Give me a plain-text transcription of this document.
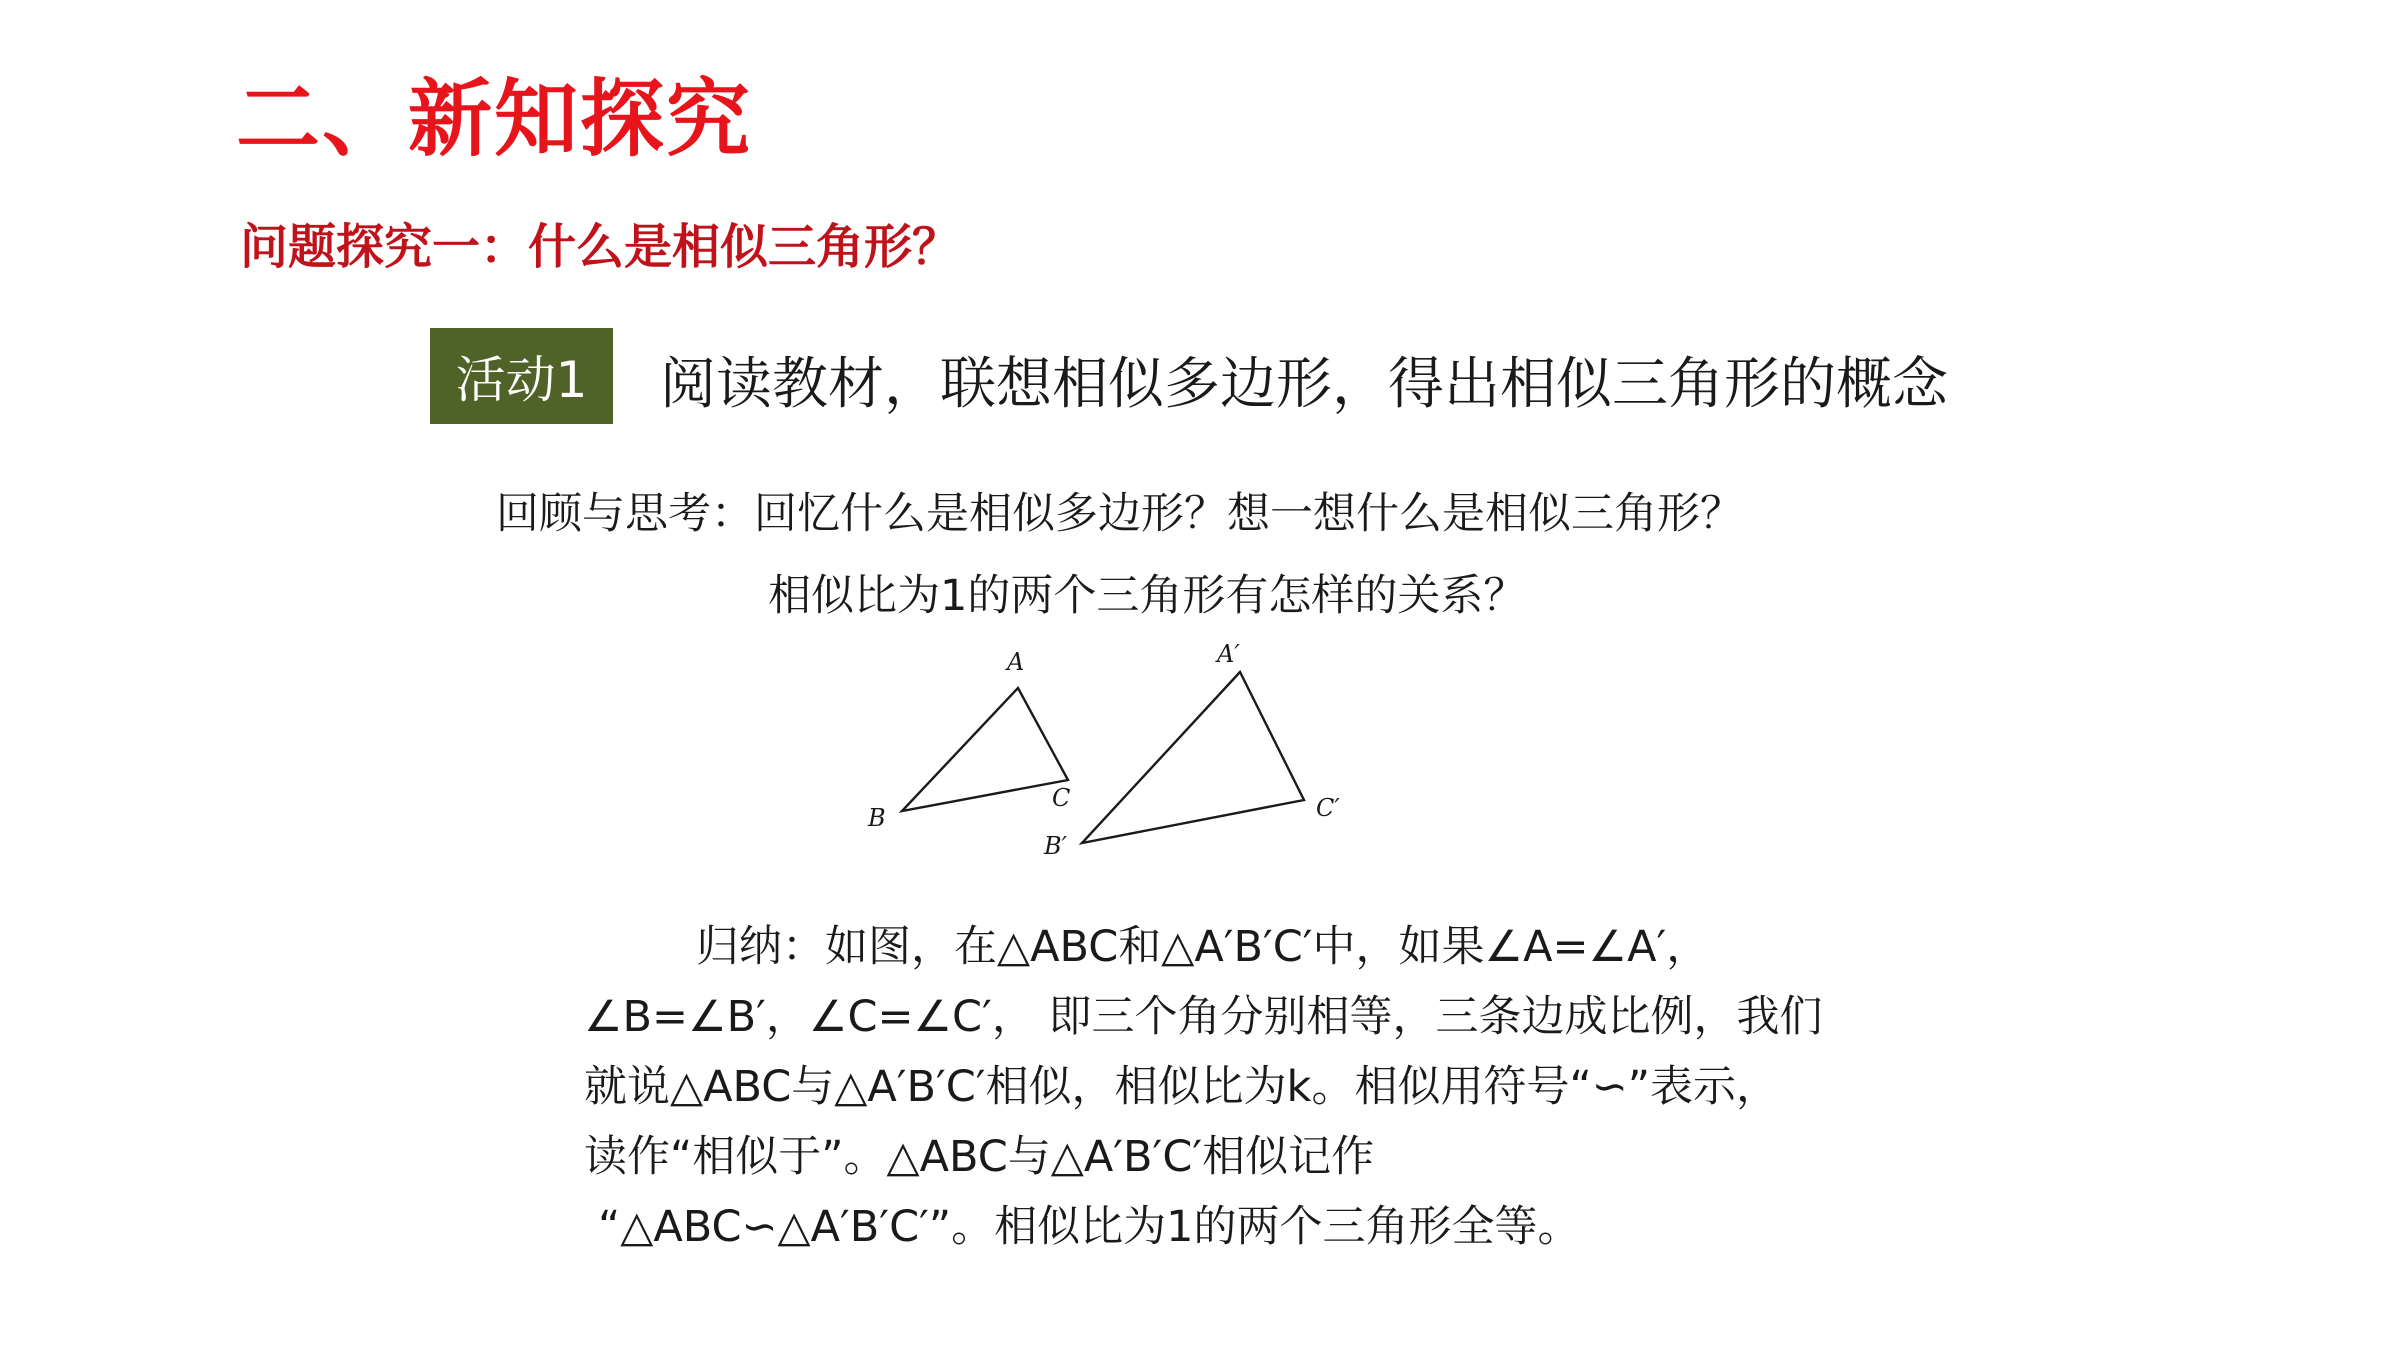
二、新知探究
问题探究一：什么是相似三角形？
活动1	阅读教材，联想相似多边形，得出相似三角形的概念
回顾与思考：回忆什么是相似多边形？想一想什么是相似三角形？
相似比为1的两个三角形有怎样的关系？
A
B
C
A′
B′
C′

归纳：如图，在△ABC和△A′B′C′中，如果∠A=∠A′，

∠B=∠B′，∠C=∠C′， 即三个角分别相等，三条边成比例，我们

就说△ABC与△A′B′C′相似，相似比为k。相似用符号“∽”表示，

读作“相似于”。△ABC与△A′B′C′相似记作

“△ABC∽△A′B′C′”。相似比为1的两个三角形全等。
